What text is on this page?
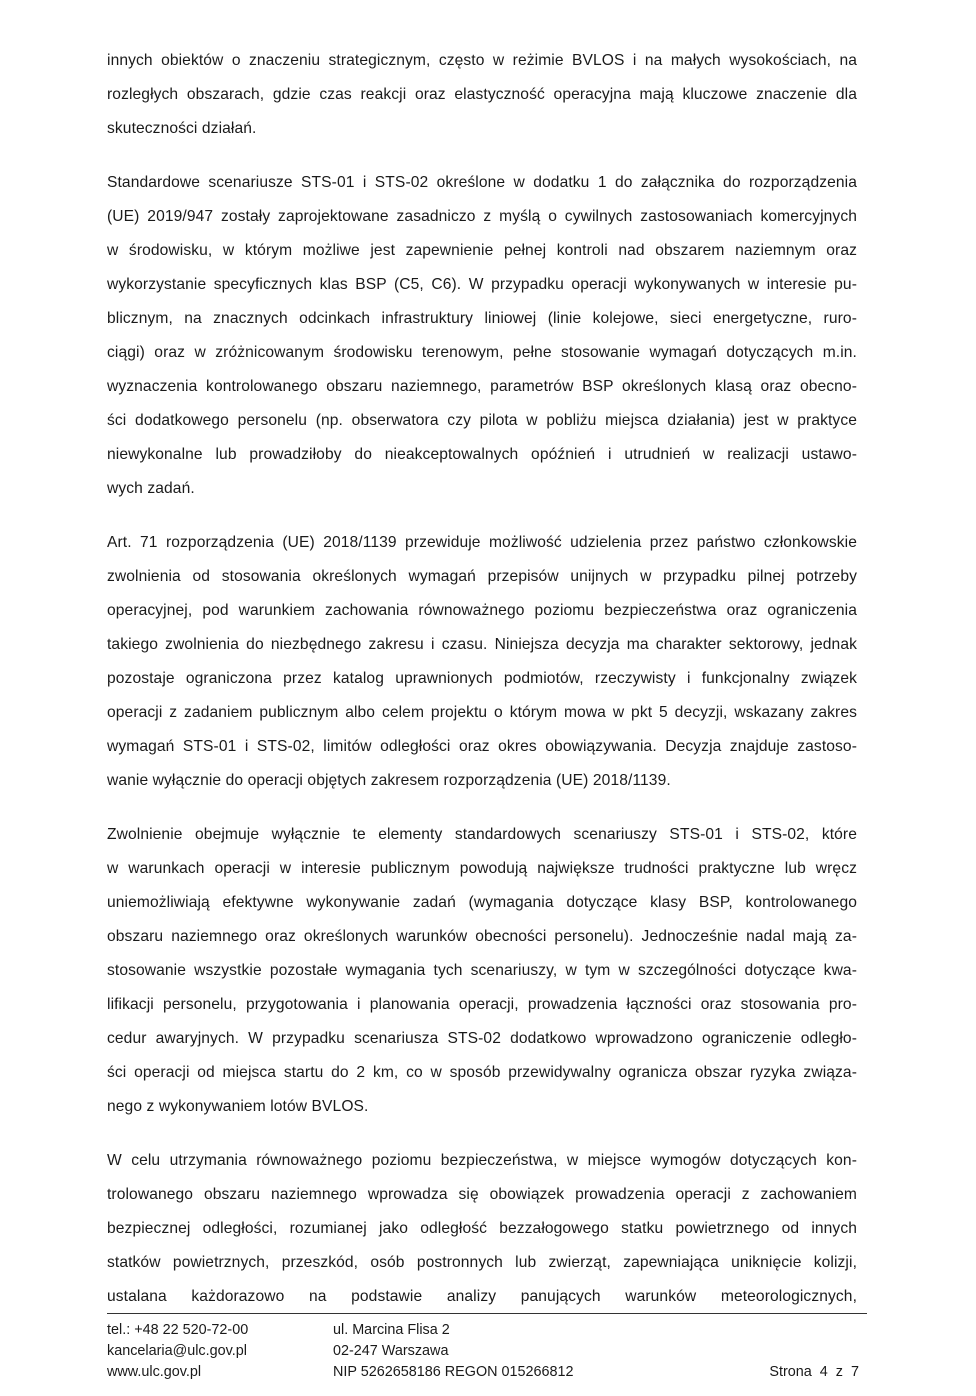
innych obiektów o znaczeniu strategicznym, często w reżimie BVLOS i na małych wysokościach, na
rozległych obszarach, gdzie czas reakcji oraz elastyczność operacyjna mają kluczowe znaczenie dla
skuteczności działań.

Standardowe scenariusze STS-01 i STS-02 określone w dodatku 1 do załącznika do rozporządzenia
(UE) 2019/947 zostały zaprojektowane zasadniczo z myślą o cywilnych zastosowaniach komercyjnych
w środowisku, w którym możliwe jest zapewnienie pełnej kontroli nad obszarem naziemnym oraz
wykorzystanie specyficznych klas BSP (C5, C6). W przypadku operacji wykonywanych w interesie pu-
blicznym, na znacznych odcinkach infrastruktury liniowej (linie kolejowe, sieci energetyczne, ruro-
ciągi) oraz w zróżnicowanym środowisku terenowym, pełne stosowanie wymagań dotyczących m.in.
wyznaczenia kontrolowanego obszaru naziemnego, parametrów BSP określonych klasą oraz obecno-
ści dodatkowego personelu (np. obserwatora czy pilota w pobliżu miejsca działania) jest w praktyce
niewykonalne lub prowadziłoby do nieakceptowalnych opóźnień i utrudnień w realizacji ustawo-
wych zadań.

Art. 71 rozporządzenia (UE) 2018/1139 przewiduje możliwość udzielenia przez państwo członkowskie
zwolnienia od stosowania określonych wymagań przepisów unijnych w przypadku pilnej potrzeby
operacyjnej, pod warunkiem zachowania równoważnego poziomu bezpieczeństwa oraz ograniczenia
takiego zwolnienia do niezbędnego zakresu i czasu. Niniejsza decyzja ma charakter sektorowy, jednak
pozostaje ograniczona przez katalog uprawnionych podmiotów, rzeczywisty i funkcjonalny związek
operacji z zadaniem publicznym albo celem projektu o którym mowa w pkt 5 decyzji, wskazany zakres
wymagań STS-01 i STS-02, limitów odległości oraz okres obowiązywania. Decyzja znajduje zastoso-
wanie wyłącznie do operacji objętych zakresem rozporządzenia (UE) 2018/1139.

Zwolnienie obejmuje wyłącznie te elementy standardowych scenariuszy STS-01 i STS-02, które
w warunkach operacji w interesie publicznym powodują największe trudności praktyczne lub wręcz
uniemożliwiają efektywne wykonywanie zadań (wymagania dotyczące klasy BSP, kontrolowanego
obszaru naziemnego oraz określonych warunków obecności personelu). Jednocześnie nadal mają za-
stosowanie wszystkie pozostałe wymagania tych scenariuszy, w tym w szczególności dotyczące kwa-
lifikacji personelu, przygotowania i planowania operacji, prowadzenia łączności oraz stosowania pro-
cedur awaryjnych. W przypadku scenariusza STS-02 dodatkowo wprowadzono ograniczenie odległo-
ści operacji od miejsca startu do 2 km, co w sposób przewidywalny ogranicza obszar ryzyka związa-
nego z wykonywaniem lotów BVLOS.

W celu utrzymania równoważnego poziomu bezpieczeństwa, w miejsce wymogów dotyczących kon-
trolowanego obszaru naziemnego wprowadza się obowiązek prowadzenia operacji z zachowaniem
bezpiecznej odległości, rozumianej jako odległość bezzałogowego statku powietrznego od innych
statków powietrznych, przeszkód, osób postronnych lub zwierząt, zapewniająca uniknięcie kolizji,
ustalana każdorazowo na podstawie analizy panujących warunków meteorologicznych,

tel.: +48 22 520-72-00
kancelaria@ulc.gov.pl
www.ulc.gov.pl
ul. Marcina Flisa 2
02-247 Warszawa
NIP 5262658186 REGON 015266812	Strona  4  z  7
